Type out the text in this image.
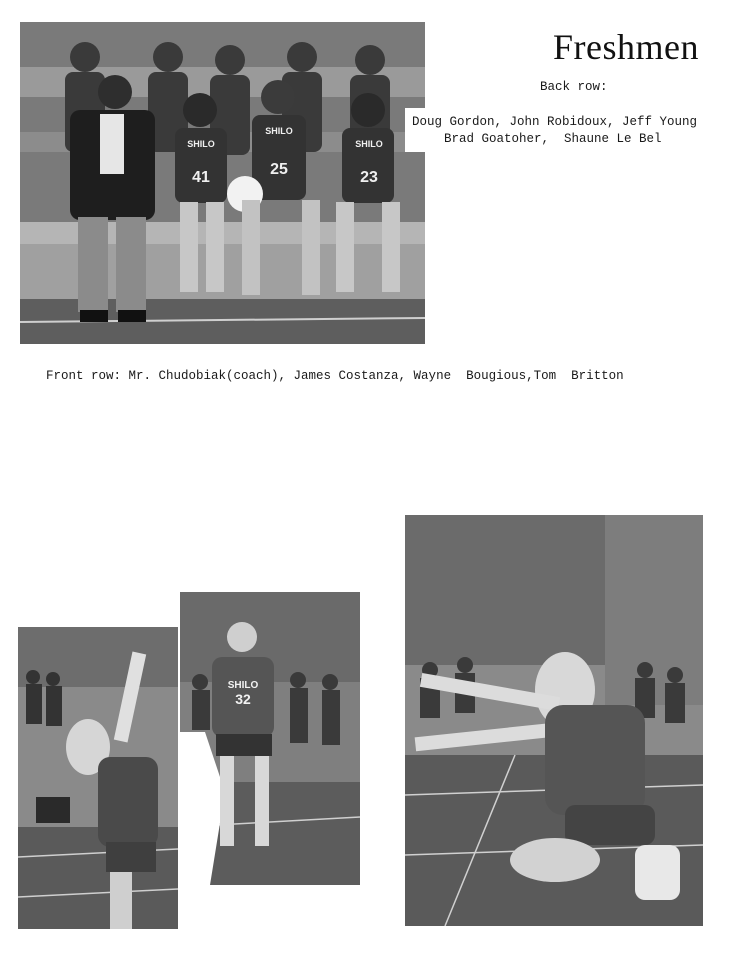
Freshmen
SHILO
41
SHILO
25
SHILO
23
Back row:
Doug Gordon, John Robidoux, Jeff Young
Brad Goatoher,  Shaune Le Bel
Front row: Mr. Chudobiak(coach), James Costanza, Wayne  Bougious,Tom  Britton
SHILO
32
